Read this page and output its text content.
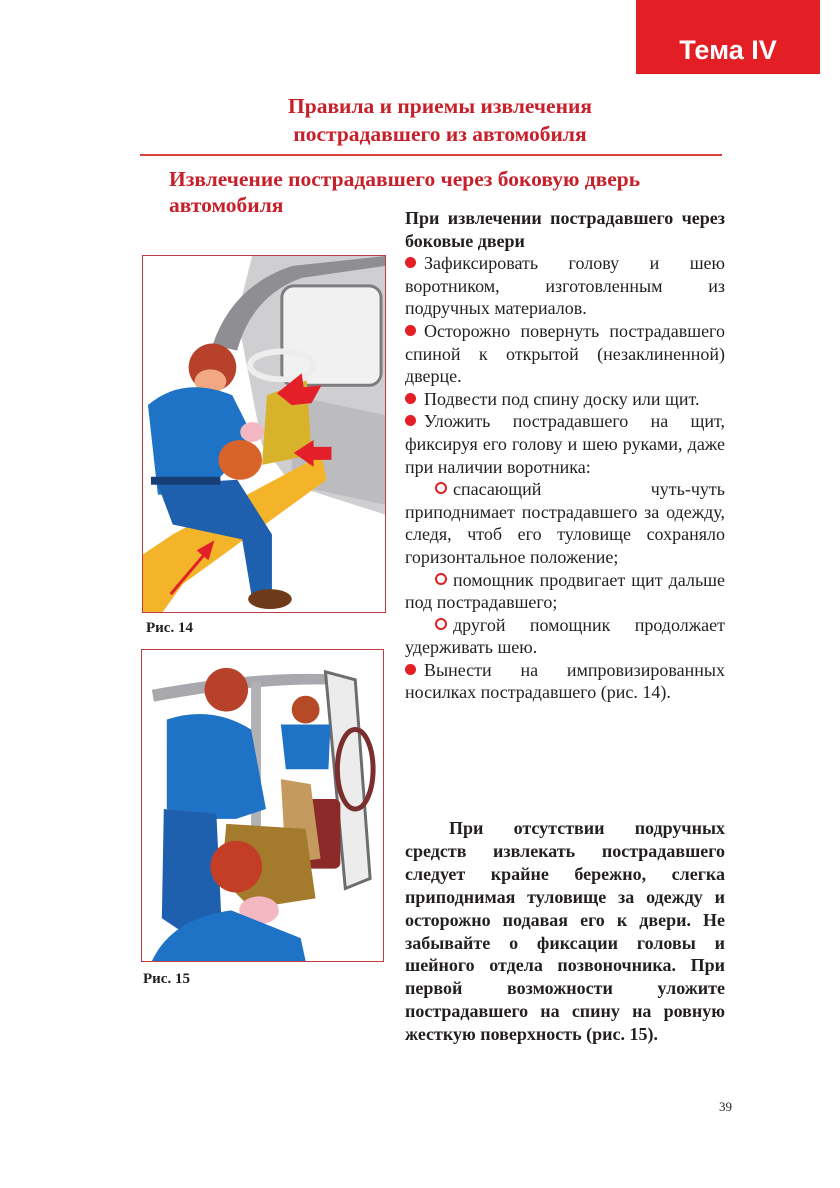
Тема IV
Правила и приемы извлечения
пострадавшего из автомобиля
Извлечение пострадавшего через боковую дверь
автомобиля
Рис. 14
Рис. 15

При извлечении пострадавшего через боковые двери

Зафиксировать голову и шею воротником, изготовленным из подручных материалов.

Осторожно повернуть пострадавшего спиной к открытой (незаклиненной) дверце.

Подвести под спину доску или щит.

Уложить пострадавшего на щит, фиксируя его голову и шею руками, даже при наличии воротника:

спасающий чуть-чуть приподнимает пострадавшего за одежду, следя, чтоб его туловище сохраняло горизонтальное положение;

помощник продвигает щит дальше под пострадавшего;

другой помощник продолжает удерживать шею.

Вынести на импровизированных носилках пострадавшего (рис. 14).

При отсутствии подручных средств извлекать пострадавшего следует крайне бережно, слегка приподнимая туловище за одежду и осторожно подавая его к двери. Не забывайте о фиксации головы и шейного отдела позвоночника. При первой возможности уложите пострадавшего на спину на ровную жесткую поверхность (рис. 15).

39
